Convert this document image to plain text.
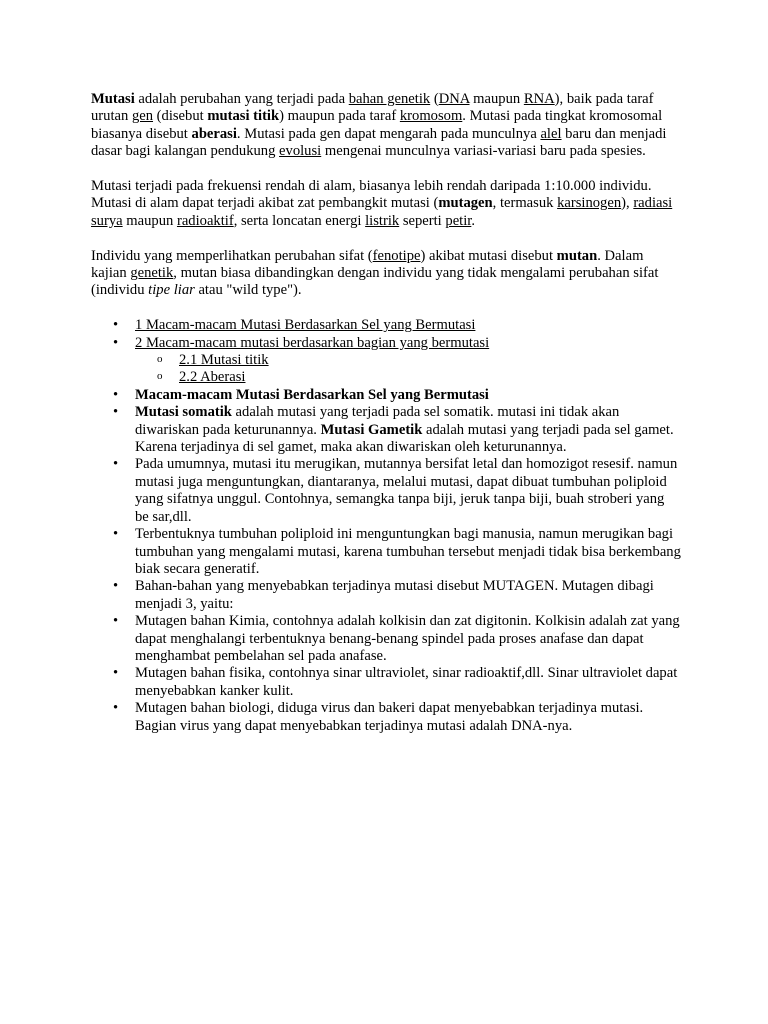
Mutasi adalah perubahan yang terjadi pada bahan genetik (DNA maupun RNA), baik pada taraf urutan gen (disebut mutasi titik) maupun pada taraf kromosom. Mutasi pada tingkat kromosomal biasanya disebut aberasi. Mutasi pada gen dapat mengarah pada munculnya alel baru dan menjadi dasar bagi kalangan pendukung evolusi mengenai munculnya variasi-variasi baru pada spesies.

Mutasi terjadi pada frekuensi rendah di alam, biasanya lebih rendah daripada 1:10.000 individu. Mutasi di alam dapat terjadi akibat zat pembangkit mutasi (mutagen, termasuk karsinogen), radiasi surya maupun radioaktif, serta loncatan energi listrik seperti petir.

Individu yang memperlihatkan perubahan sifat (fenotipe) akibat mutasi disebut mutan. Dalam kajian genetik, mutan biasa dibandingkan dengan individu yang tidak mengalami perubahan sifat (individu tipe liar atau "wild type").

• 1 Macam-macam Mutasi Berdasarkan Sel yang Bermutasi
• 2 Macam-macam mutasi berdasarkan bagian yang bermutasi
o 2.1 Mutasi titik
o 2.2 Aberasi
• Macam-macam Mutasi Berdasarkan Sel yang Bermutasi
• Mutasi somatik adalah mutasi yang terjadi pada sel somatik. mutasi ini tidak akan diwariskan pada keturunannya. Mutasi Gametik adalah mutasi yang terjadi pada sel gamet. Karena terjadinya di sel gamet, maka akan diwariskan oleh keturunannya.
• Pada umumnya, mutasi itu merugikan, mutannya bersifat letal dan homozigot resesif. namun mutasi juga menguntungkan, diantaranya, melalui mutasi, dapat dibuat tumbuhan poliploid yang sifatnya unggul. Contohnya, semangka tanpa biji, jeruk tanpa biji, buah stroberi yang be sar,dll.
• Terbentuknya tumbuhan poliploid ini menguntungkan bagi manusia, namun merugikan bagi tumbuhan yang mengalami mutasi, karena tumbuhan tersebut menjadi tidak bisa berkembang biak secara generatif.
• Bahan-bahan yang menyebabkan terjadinya mutasi disebut MUTAGEN. Mutagen dibagi menjadi 3, yaitu:
• Mutagen bahan Kimia, contohnya adalah kolkisin dan zat digitonin. Kolkisin adalah zat yang dapat menghalangi terbentuknya benang-benang spindel pada proses anafase dan dapat menghambat pembelahan sel pada anafase.
• Mutagen bahan fisika, contohnya sinar ultraviolet, sinar radioaktif,dll. Sinar ultraviolet dapat menyebabkan kanker kulit.
• Mutagen bahan biologi, diduga virus dan bakeri dapat menyebabkan terjadinya mutasi. Bagian virus yang dapat menyebabkan terjadinya mutasi adalah DNA-nya.
